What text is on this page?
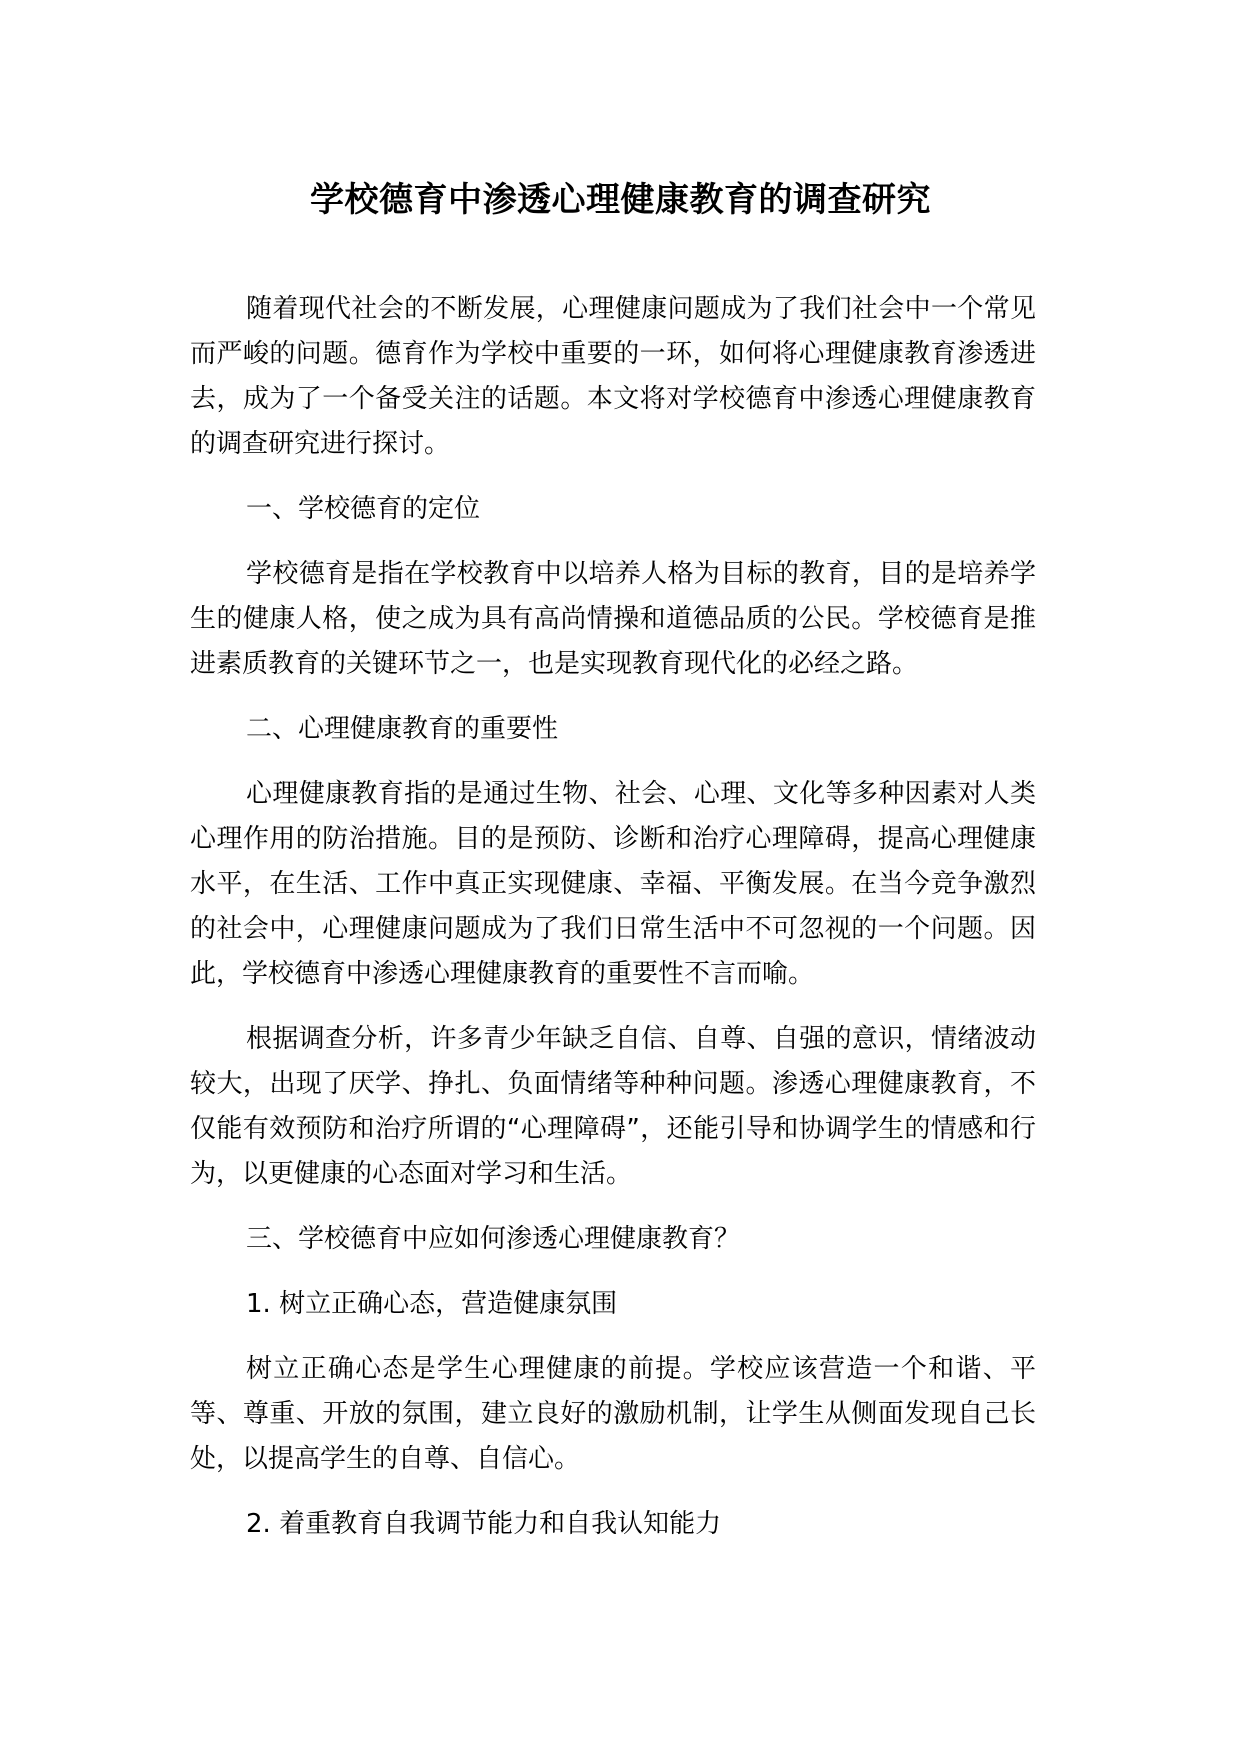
学校德育中渗透心理健康教育的调查研究

随着现代社会的不断发展，心理健康问题成为了我们社会中一个常见而严峻的问题。德育作为学校中重要的一环，如何将心理健康教育渗透进去，成为了一个备受关注的话题。本文将对学校德育中渗透心理健康教育的调查研究进行探讨。

一、学校德育的定位

学校德育是指在学校教育中以培养人格为目标的教育，目的是培养学生的健康人格，使之成为具有高尚情操和道德品质的公民。学校德育是推进素质教育的关键环节之一，也是实现教育现代化的必经之路。

二、心理健康教育的重要性

心理健康教育指的是通过生物、社会、心理、文化等多种因素对人类心理作用的防治措施。目的是预防、诊断和治疗心理障碍，提高心理健康水平，在生活、工作中真正实现健康、幸福、平衡发展。在当今竞争激烈的社会中，心理健康问题成为了我们日常生活中不可忽视的一个问题。因此，学校德育中渗透心理健康教育的重要性不言而喻。

根据调查分析，许多青少年缺乏自信、自尊、自强的意识，情绪波动较大，出现了厌学、挣扎、负面情绪等种种问题。渗透心理健康教育，不仅能有效预防和治疗所谓的“心理障碍”，还能引导和协调学生的情感和行为，以更健康的心态面对学习和生活。

三、学校德育中应如何渗透心理健康教育？

1. 树立正确心态，营造健康氛围

树立正确心态是学生心理健康的前提。学校应该营造一个和谐、平等、尊重、开放的氛围，建立良好的激励机制，让学生从侧面发现自己长处，以提高学生的自尊、自信心。

2. 着重教育自我调节能力和自我认知能力
